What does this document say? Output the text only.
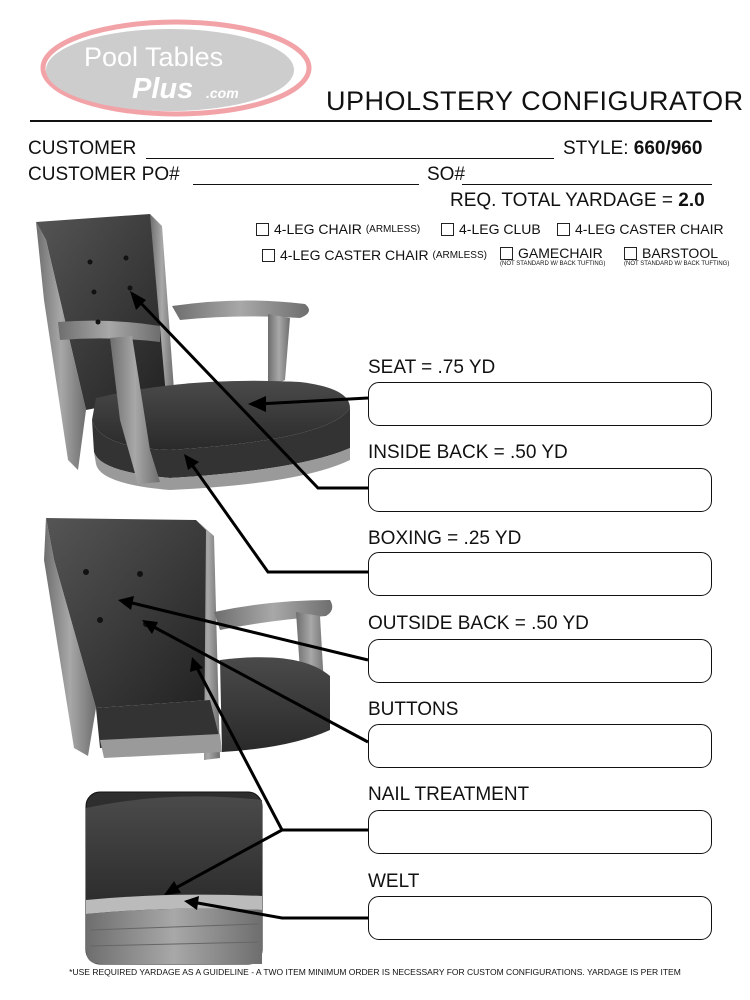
Pool Tables
Plus .com	UPHOLSTERY CONFIGURATOR
CUSTOMER	STYLE: 660/960
CUSTOMER PO#	SO#
REQ. TOTAL YARDAGE = 2.0
4-LEG CHAIR
(ARMLESS)	4-LEG CLUB 4-LEG CASTER CHAIR
4-LEG CASTER CHAIR
(ARMLESS) GAMECHAIR
(NOT STANDARD W/ BACK TUFTING)
BARSTOOL
(NOT STANDARD W/ BACK TUFTING)
SEAT = .75 YD
INSIDE BACK = .50 YD
BOXING = .25 YD
OUTSIDE BACK = .50 YD
BUTTONS
NAIL TREATMENT
WELT
*USE REQUIRED YARDAGE AS A GUIDELINE - A TWO ITEM MINIMUM ORDER IS NECESSARY FOR CUSTOM CONFIGURATIONS. YARDAGE IS PER ITEM
